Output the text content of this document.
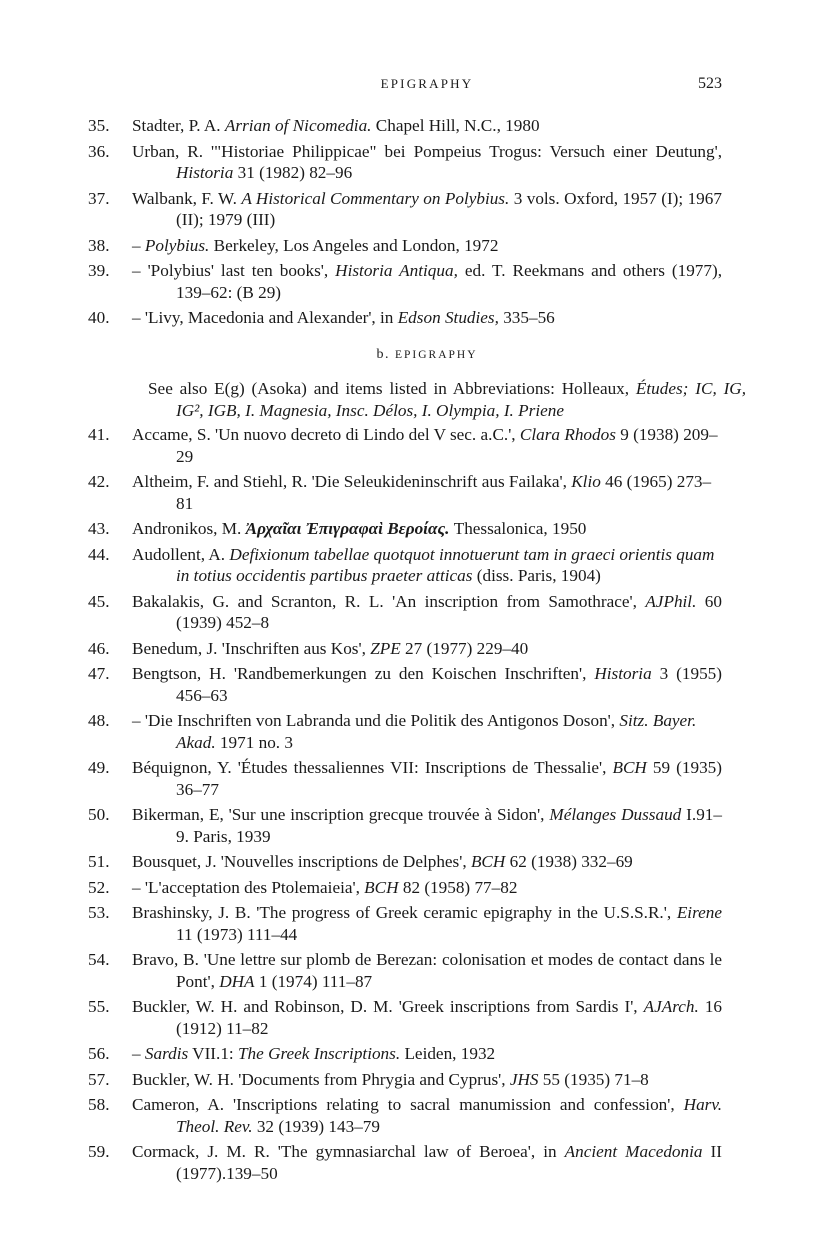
EPIGRAPHY	523

35. Stadter, P. A. Arrian of Nicomedia. Chapel Hill, N.C., 1980

36. Urban, R. '"Historiae Philippicae" bei Pompeius Trogus: Versuch einer Deutung', Historia 31 (1982) 82–96

37. Walbank, F. W. A Historical Commentary on Polybius. 3 vols. Oxford, 1957 (I); 1967 (II); 1979 (III)

38. – Polybius. Berkeley, Los Angeles and London, 1972

39. – 'Polybius' last ten books', Historia Antiqua, ed. T. Reekmans and others (1977), 139–62: (B 29)

40. – 'Livy, Macedonia and Alexander', in Edson Studies, 335–56

b. EPIGRAPHY

See also E(g) (Asoka) and items listed in Abbreviations: Holleaux, Études; IC, IG, IG², IGB, I. Magnesia, Insc. Délos, I. Olympia, I. Priene

41. Accame, S. 'Un nuovo decreto di Lindo del V sec. a.C.', Clara Rhodos 9 (1938) 209–29

42. Altheim, F. and Stiehl, R. 'Die Seleukideninschrift aus Failaka', Klio 46 (1965) 273–81

43. Andronikos, M. Ἀρχαῖαι Ἐπιγραφαὶ Βεροίας. Thessalonica, 1950

44. Audollent, A. Defixionum tabellae quotquot innotuerunt tam in graeci orientis quam in totius occidentis partibus praeter atticas (diss. Paris, 1904)

45. Bakalakis, G. and Scranton, R. L. 'An inscription from Samothrace', AJPhil. 60 (1939) 452–8

46. Benedum, J. 'Inschriften aus Kos', ZPE 27 (1977) 229–40

47. Bengtson, H. 'Randbemerkungen zu den Koischen Inschriften', Historia 3 (1955) 456–63

48. – 'Die Inschriften von Labranda und die Politik des Antigonos Doson', Sitz. Bayer. Akad. 1971 no. 3

49. Béquignon, Y. 'Études thessaliennes VII: Inscriptions de Thessalie', BCH 59 (1935) 36–77

50. Bikerman, E, 'Sur une inscription grecque trouvée à Sidon', Mélanges Dussaud I.91–9. Paris, 1939

51. Bousquet, J. 'Nouvelles inscriptions de Delphes', BCH 62 (1938) 332–69

52. – 'L'acceptation des Ptolemaieia', BCH 82 (1958) 77–82

53. Brashinsky, J. B. 'The progress of Greek ceramic epigraphy in the U.S.S.R.', Eirene 11 (1973) 111–44

54. Bravo, B. 'Une lettre sur plomb de Berezan: colonisation et modes de contact dans le Pont', DHA 1 (1974) 111–87

55. Buckler, W. H. and Robinson, D. M. 'Greek inscriptions from Sardis I', AJArch. 16 (1912) 11–82

56. – Sardis VII.1: The Greek Inscriptions. Leiden, 1932

57. Buckler, W. H. 'Documents from Phrygia and Cyprus', JHS 55 (1935) 71–8

58. Cameron, A. 'Inscriptions relating to sacral manumission and confession', Harv. Theol. Rev. 32 (1939) 143–79

59. Cormack, J. M. R. 'The gymnasiarchal law of Beroea', in Ancient Macedonia II (1977).139–50
